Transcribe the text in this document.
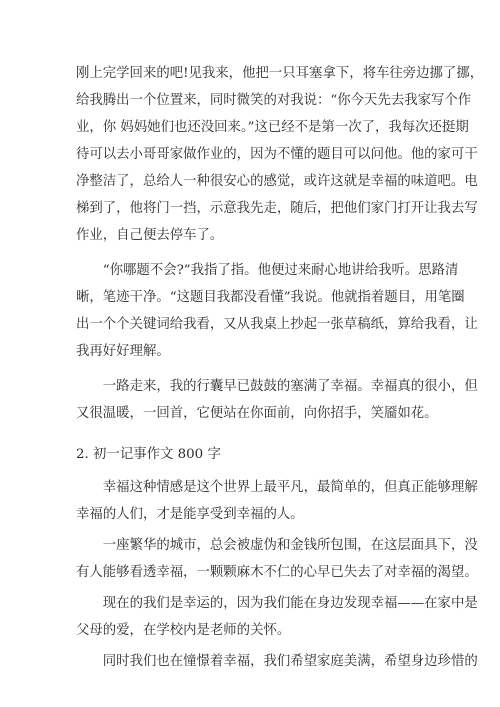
刚上完学回来的吧!见我来，他把一只耳塞拿下，将车往旁边挪了挪，
给我腾出一个位置来，同时微笑的对我说：“你今天先去我家写个作
业，你 妈妈她们也还没回来。”这已经不是第一次了，我每次还挺期
待可以去小哥哥家做作业的，因为不懂的题目可以问他。他的家可干
净整洁了，总给人一种很安心的感觉，或许这就是幸福的味道吧。电
梯到了，他将门一挡，示意我先走，随后，把他们家门打开让我去写
作业，自己便去停车了。
“你哪题不会?”我指了指。他便过来耐心地讲给我听。思路清
晰，笔迹干净。“这题目我都没看懂”我说。他就指着题目，用笔圈
出一个个关键词给我看，又从我桌上抄起一张草稿纸，算给我看，让
我再好好理解。
一路走来，我的行囊早已鼓鼓的塞满了幸福。幸福真的很小，但
又很温暖，一回首，它便站在你面前，向你招手，笑靥如花。
2. 初一记事作文 800 字
幸福这种情感是这个世界上最平凡，最简单的，但真正能够理解
幸福的人们，才是能享受到幸福的人。
一座繁华的城市，总会被虚伪和金钱所包围，在这层面具下，没
有人能够看透幸福，一颗颗麻木不仁的心早已失去了对幸福的渴望。
现在的我们是幸运的，因为我们能在身边发现幸福——在家中是
父母的爱，在学校内是老师的关怀。
同时我们也在憧憬着幸福，我们希望家庭美满，希望身边珍惜的
